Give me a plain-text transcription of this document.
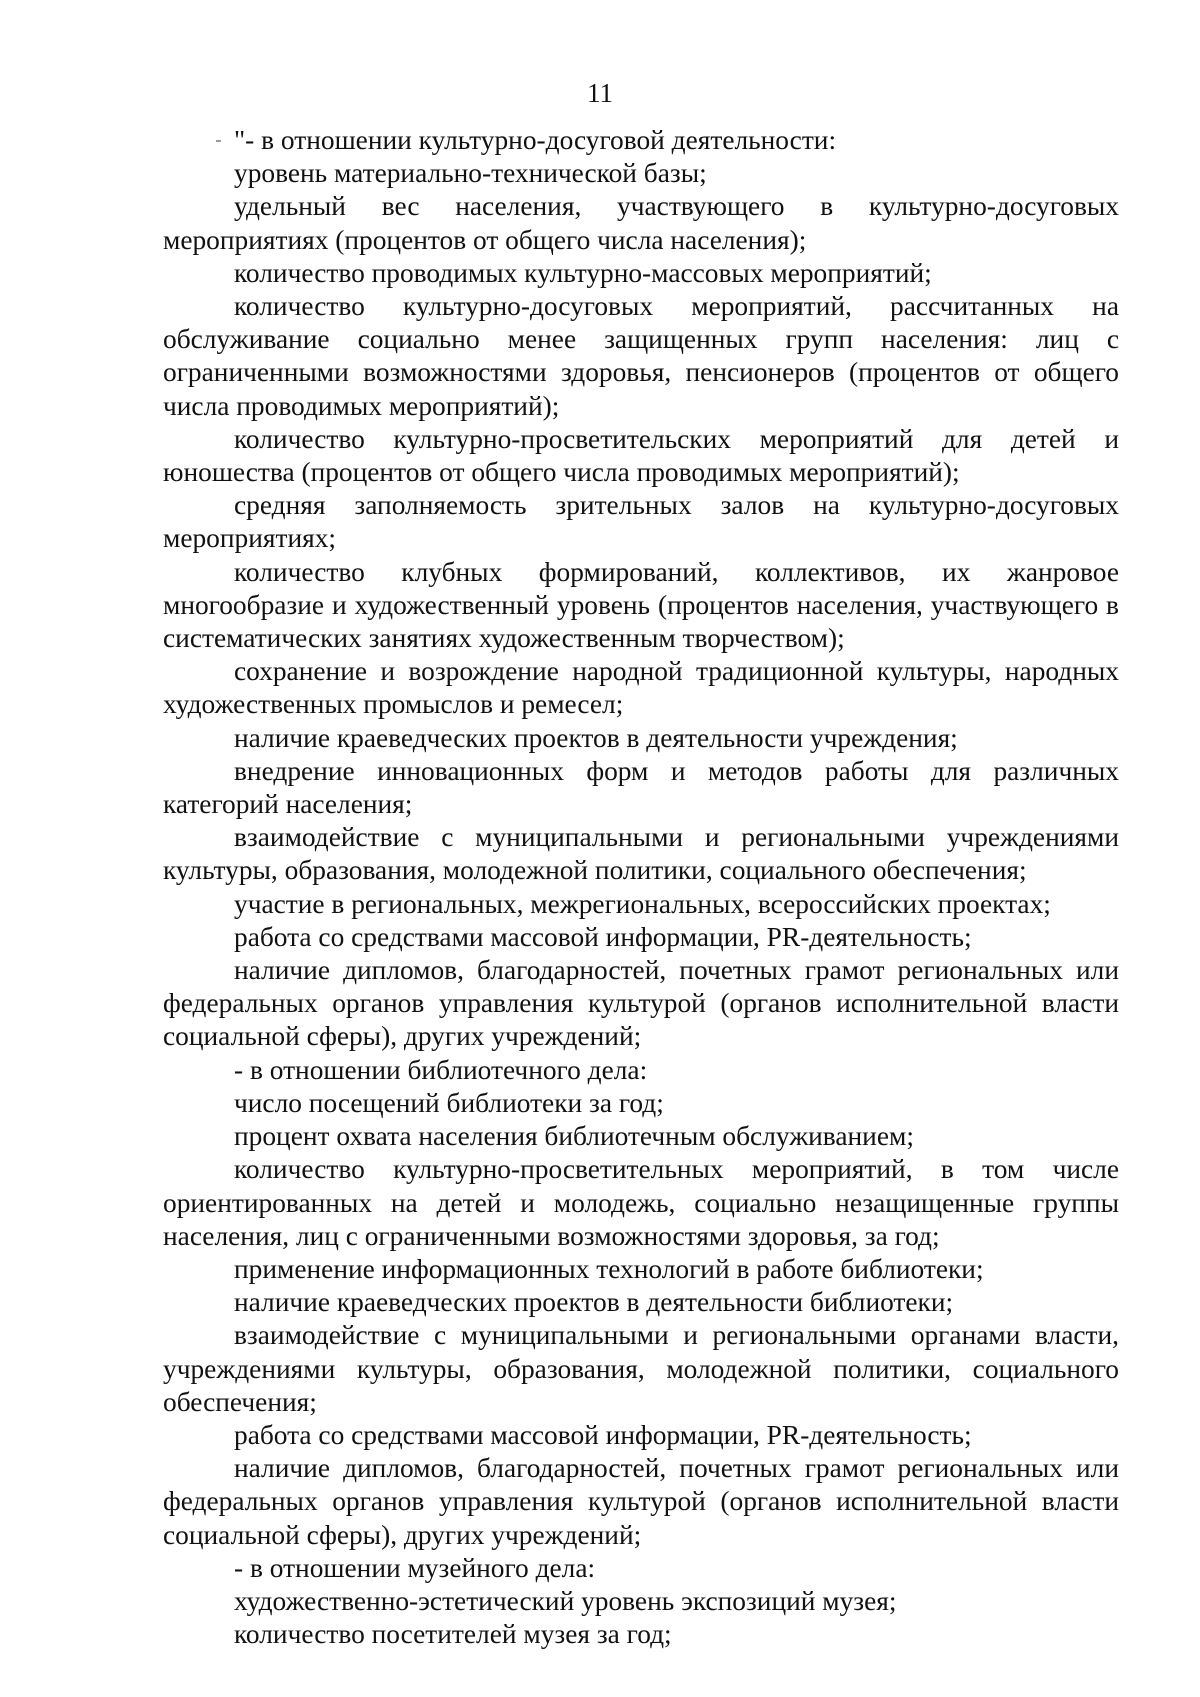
11

"- в отношении культурно-досуговой деятельности:

уровень материально-технической базы;

удельный вес населения, участвующего в культурно-досуговых мероприятиях (процентов от общего числа населения);

количество проводимых культурно-массовых мероприятий;

количество культурно-досуговых мероприятий, рассчитанных на обслуживание социально менее защищенных групп населения: лиц с ограниченными возможностями здоровья, пенсионеров (процентов от общего числа проводимых мероприятий);

количество культурно-просветительских мероприятий для детей и юношества (процентов от общего числа проводимых мероприятий);

средняя заполняемость зрительных залов на культурно-досуговых мероприятиях;

количество клубных формирований, коллективов, их жанровое многообразие и художественный уровень (процентов населения, участвующего в систематических занятиях художественным творчеством);

сохранение и возрождение народной традиционной культуры, народных художественных промыслов и ремесел;

наличие краеведческих проектов в деятельности учреждения;

внедрение инновационных форм и методов работы для различных категорий населения;

взаимодействие с муниципальными и региональными учреждениями культуры, образования, молодежной политики, социального обеспечения;

участие в региональных, межрегиональных, всероссийских проектах;

работа со средствами массовой информации, PR-деятельность;

наличие дипломов, благодарностей, почетных грамот региональных или федеральных органов управления культурой (органов исполнительной власти социальной сферы), других учреждений;

- в отношении библиотечного дела:

число посещений библиотеки за год;

процент охвата населения библиотечным обслуживанием;

количество культурно-просветительных мероприятий, в том числе ориентированных на детей и молодежь, социально незащищенные группы населения, лиц с ограниченными возможностями здоровья, за год;

применение информационных технологий в работе библиотеки;

наличие краеведческих проектов в деятельности библиотеки;

взаимодействие с муниципальными и региональными органами власти, учреждениями культуры, образования, молодежной политики, социального обеспечения;

работа со средствами массовой информации, PR-деятельность;

наличие дипломов, благодарностей, почетных грамот региональных или федеральных органов управления культурой (органов исполнительной власти социальной сферы), других учреждений;

- в отношении музейного дела:

художественно-эстетический уровень экспозиций музея;

количество посетителей музея за год;
